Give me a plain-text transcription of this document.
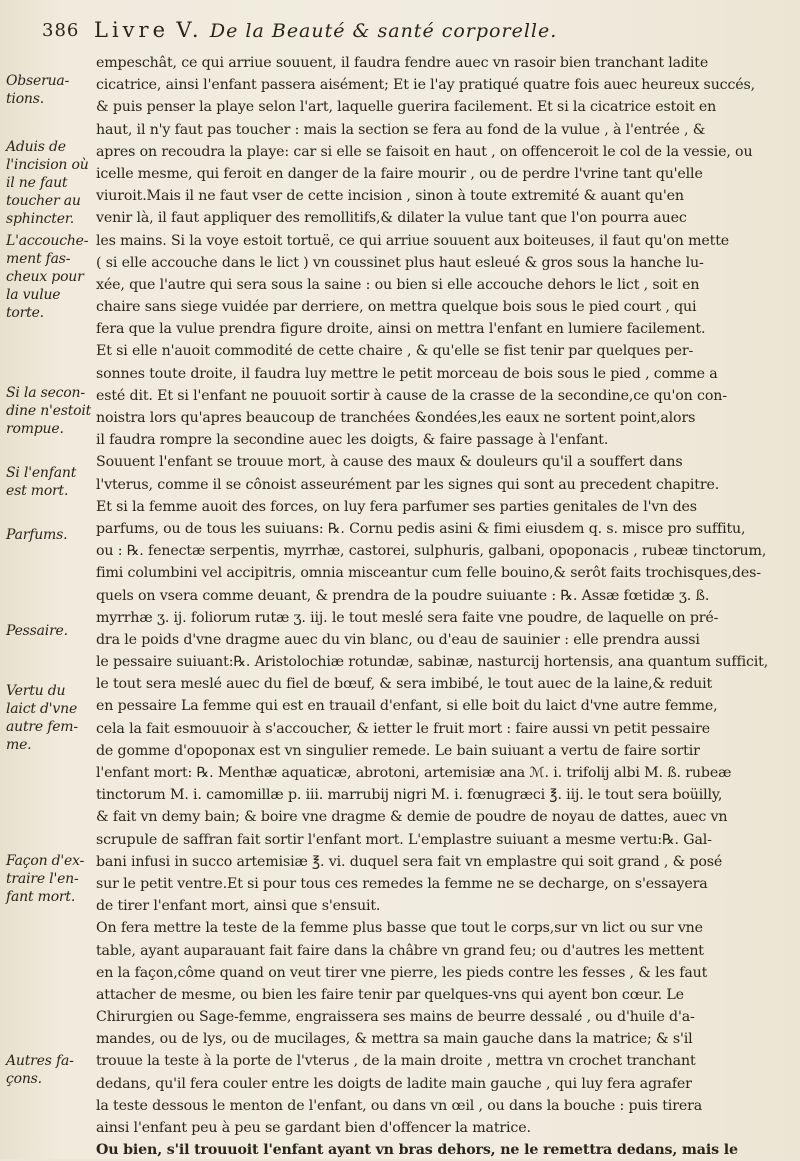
386 Livre V. De la Beauté & santé corporelle.
Obserua-
tions.
Aduis de
l'incision où
il ne faut
toucher au
sphincter.
L'accouche-
ment fas-
cheux pour
la vulue
torte.
Si la secon-
dine n'estoit
rompue.
Si l'enfant
est mort.
Parfums.
Pessaire.
Vertu du
laict d'vne
autre fem-
me.
Façon d'ex-
traire l'en-
fant mort.
Autres fa-
çons.
empeschât, ce qui arriue souuent, il faudra fendre auec vn rasoir bien tranchant ladite
cicatrice, ainsi l'enfant passera aisément; Et ie l'ay pratiqué quatre fois auec heureux succés,
& puis penser la playe selon l'art, laquelle guerira facilement. Et si la cicatrice estoit en
haut, il n'y faut pas toucher : mais la section se fera au fond de la vulue , à l'entrée , &
apres on recoudra la playe: car si elle se faisoit en haut , on offenceroit le col de la vessie, ou
icelle mesme, qui feroit en danger de la faire mourir , ou de perdre l'vrine tant qu'elle
viuroit.Mais il ne faut vser de cette incision , sinon à toute extremité & auant qu'en
venir là, il faut appliquer des remollitifs,& dilater la vulue tant que l'on pourra auec
les mains. Si la voye estoit tortuë, ce qui arriue souuent aux boiteuses, il faut qu'on mette
( si elle accouche dans le lict ) vn coussinet plus haut esleué & gros sous la hanche lu-
xée, que l'autre qui sera sous la saine : ou bien si elle accouche dehors le lict , soit en
chaire sans siege vuidée par derriere, on mettra quelque bois sous le pied court , qui
fera que la vulue prendra figure droite, ainsi on mettra l'enfant en lumiere facilement.
Et si elle n'auoit commodité de cette chaire , & qu'elle se fist tenir par quelques per-
sonnes toute droite, il faudra luy mettre le petit morceau de bois sous le pied , comme a
esté dit. Et si l'enfant ne pouuoit sortir à cause de la crasse de la secondine,ce qu'on con-
noistra lors qu'apres beaucoup de tranchées &ondées,les eaux ne sortent point,alors
il faudra rompre la secondine auec les doigts, & faire passage à l'enfant.
Souuent l'enfant se trouue mort, à cause des maux & douleurs qu'il a souffert dans
l'vterus, comme il se cônoist asseurément par les signes qui sont au precedent chapitre.
Et si la femme auoit des forces, on luy fera parfumer ses parties genitales de l'vn des
parfums, ou de tous les suiuans: ℞. Cornu pedis asini & fimi eiusdem q. s. misce pro suffitu,
ou : ℞. fenectæ serpentis, myrrhæ, castorei, sulphuris, galbani, opoponacis , rubeæ tinctorum,
fimi columbini vel accipitris, omnia misceantur cum felle bouino,& serôt faits trochisques,des-
quels on vsera comme deuant, & prendra de la poudre suiuante : ℞. Assæ fœtidæ ʒ. ß.
myrrhæ ʒ. ij. foliorum rutæ ʒ. iij. le tout meslé sera faite vne poudre, de laquelle on pré-
dra le poids d'vne dragme auec du vin blanc, ou d'eau de sauinier : elle prendra aussi
le pessaire suiuant:℞. Aristolochiæ rotundæ, sabinæ, nasturcij hortensis, ana quantum sufficit,
le tout sera meslé auec du fiel de bœuf, & sera imbibé, le tout auec de la laine,& reduit
en pessaire La femme qui est en trauail d'enfant, si elle boit du laict d'vne autre femme,
cela la fait esmouuoir à s'accoucher, & ietter le fruit mort : faire aussi vn petit pessaire
de gomme d'opoponax est vn singulier remede. Le bain suiuant a vertu de faire sortir
l'enfant mort: ℞. Menthæ aquaticæ, abrotoni, artemisiæ ana ℳ. i. trifolij albi M. ß. rubeæ
tinctorum M. i. camomillæ p. iii. marrubij nigri M. i. fœnugræci ℥. iij. le tout sera boüilly,
& fait vn demy bain; & boire vne dragme & demie de poudre de noyau de dattes, auec vn
scrupule de saffran fait sortir l'enfant mort. L'emplastre suiuant a mesme vertu:℞. Gal-
bani infusi in succo artemisiæ ℥. vi. duquel sera fait vn emplastre qui soit grand , & posé
sur le petit ventre.Et si pour tous ces remedes la femme ne se decharge, on s'essayera
de tirer l'enfant mort, ainsi que s'ensuit.
On fera mettre la teste de la femme plus basse que tout le corps,sur vn lict ou sur vne
table, ayant auparauant fait faire dans la châbre vn grand feu; ou d'autres les mettent
en la façon,côme quand on veut tirer vne pierre, les pieds contre les fesses , & les faut
attacher de mesme, ou bien les faire tenir par quelques-vns qui ayent bon cœur. Le
Chirurgien ou Sage-femme, engraissera ses mains de beurre dessalé , ou d'huile d'a-
mandes, ou de lys, ou de mucilages, & mettra sa main gauche dans la matrice; & s'il
trouue la teste à la porte de l'vterus , de la main droite , mettra vn crochet tranchant
dedans, qu'il fera couler entre les doigts de ladite main gauche , qui luy fera agrafer
la teste dessous le menton de l'enfant, ou dans vn œil , ou dans la bouche : puis tirera
ainsi l'enfant peu à peu se gardant bien d'offencer la matrice.
Ou bien, s'il trouuoit l'enfant ayant vn bras dehors, ne le remettra dedans, mais le
